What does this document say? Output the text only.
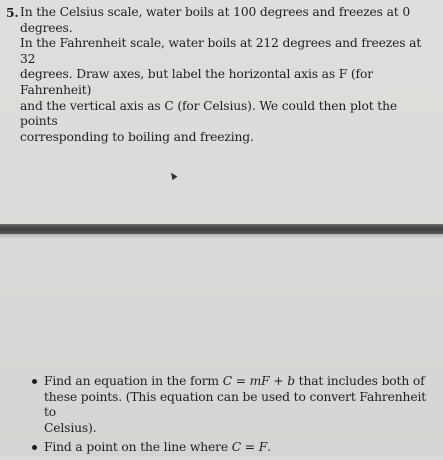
5. In the Celsius scale, water boils at 100 degrees and freezes at 0 degrees.
In the Fahrenheit scale, water boils at 212 degrees and freezes at 32
degrees. Draw axes, but label the horizontal axis as F (for Fahrenheit)
and the vertical axis as C (for Celsius). We could then plot the points
corresponding to boiling and freezing.
Find an equation in the form C = mF + b that includes both of
these points. (This equation can be used to convert Fahrenheit to
Celsius).
Find a point on the line where C = F.
